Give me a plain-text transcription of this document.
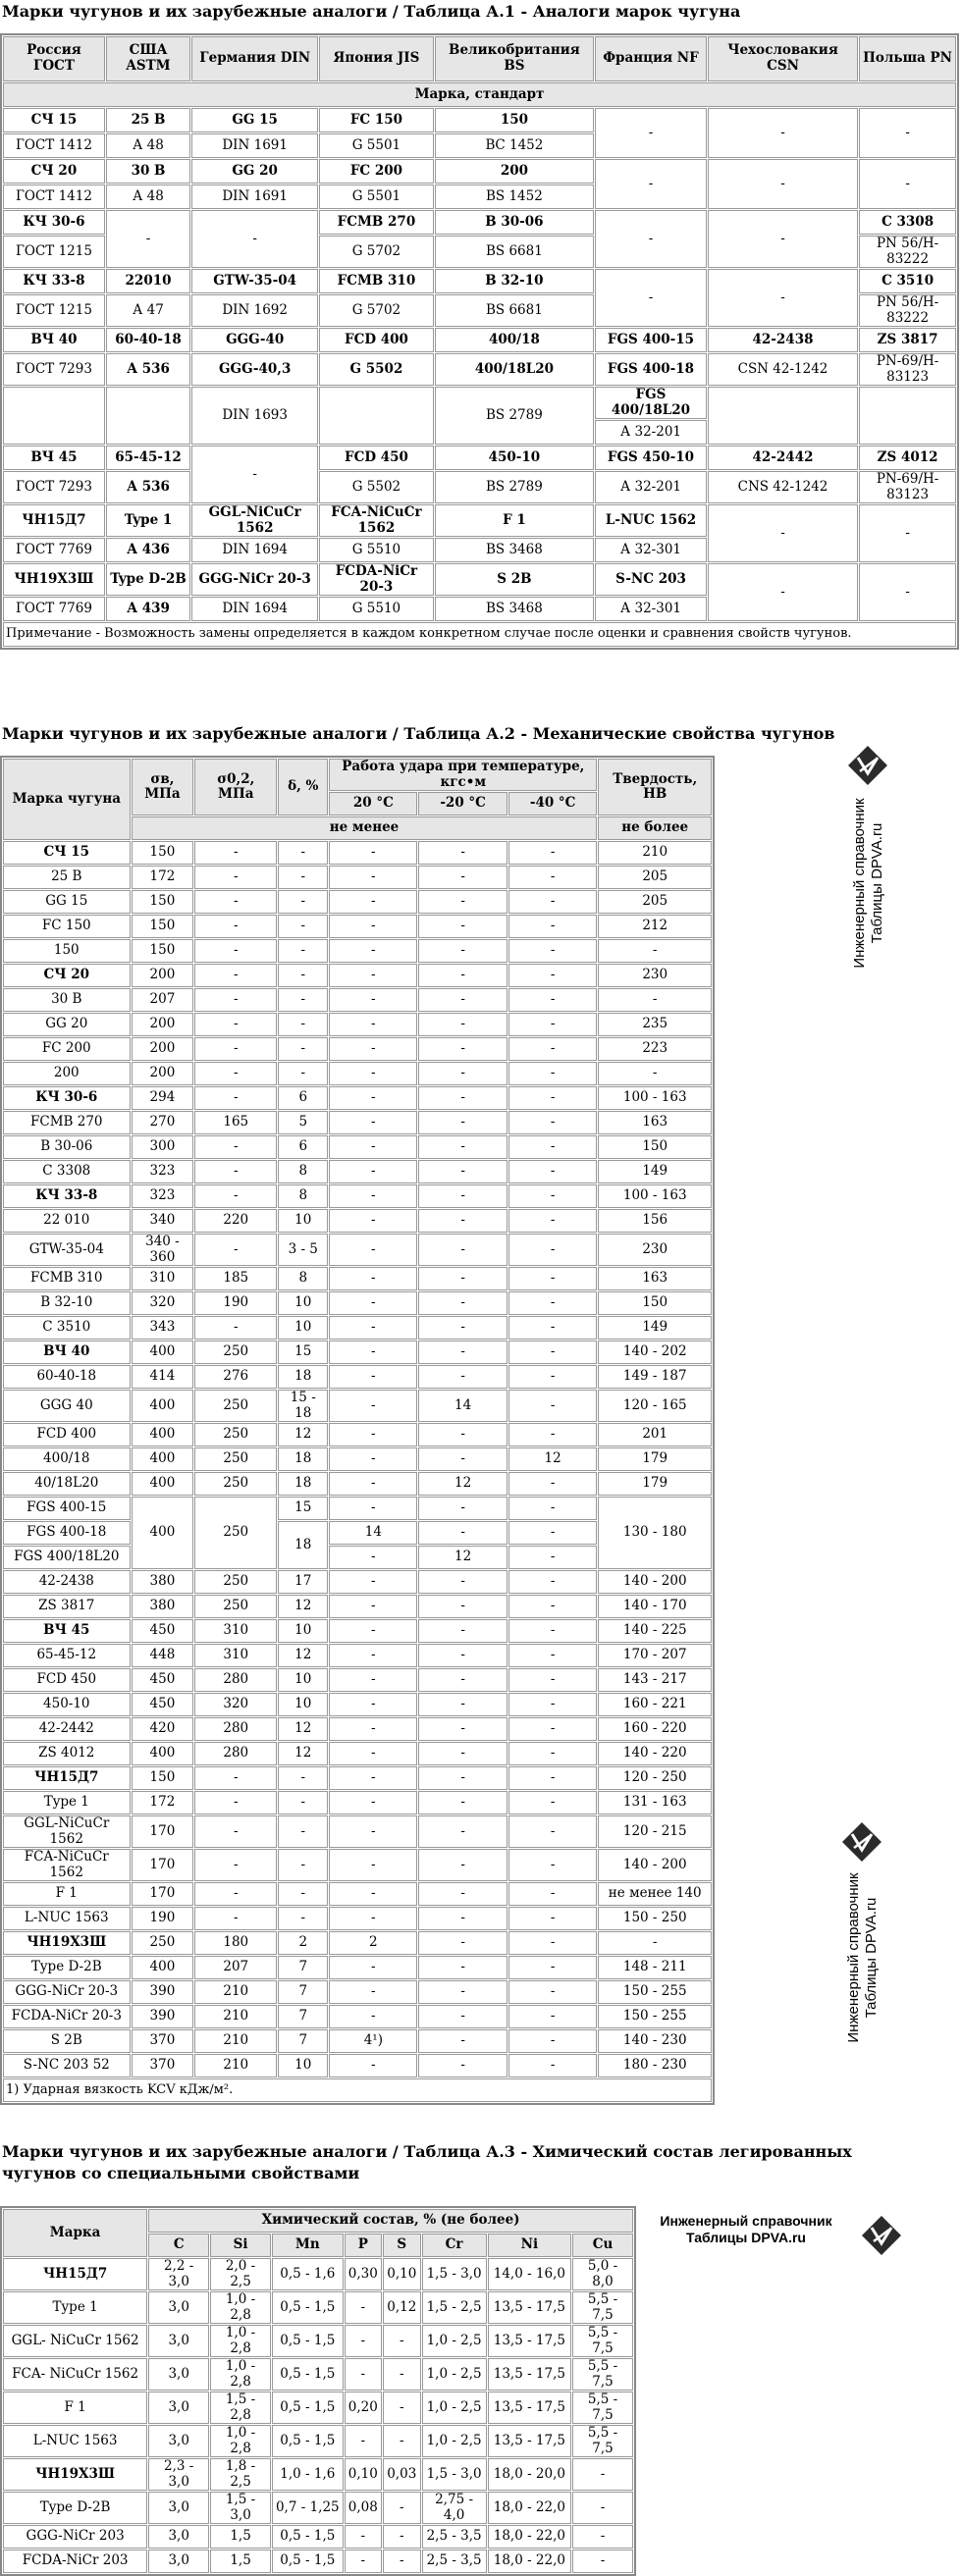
Марки чугунов и их зарубежные аналоги / Таблица А.1 - Аналоги марок чугуна
Россия ГОСТ	США ASTM	Германия DIN	Япония JIS	Великобритания BS	Франция NF	Чехословакия CSN	Польша PN
Марка, стандарт							
СЧ 15	25 В	GG 15	FC 150	150	-	-	-
ГОСТ 1412	А 48	DIN 1691	G 5501	ВС 1452			
СЧ 20	30 В	GG 20	FC 200	200	-	-	-
ГОСТ 1412	А 48	DIN 1691	G 5501	BS 1452			
КЧ 30-6	-	-	FCMB 270	В 30-06	-	-	С 3308
ГОСТ 1215			G 5702	BS 6681			PN 56/H-83222
КЧ 33-8	22010	GTW-35-04	FCMB 310	В 32-10	-	-	С 3510
ГОСТ 1215	А 47	DIN 1692	G 5702	BS 6681			PN 56/H-83222
ВЧ 40	60-40-18	GGG-40	FCD 400	400/18	FGS 400-15	42-2438	ZS 3817
ГОСТ 7293	А 536	GGG-40,3	G 5502	400/18L20	FGS 400-18	CSN 42-1242	PN-69/H-83123
		DIN 1693		BS 2789	FGS 400/18L20		
					А 32-201		
ВЧ 45	65-45-12	-	FCD 450	450-10	FGS 450-10	42-2442	ZS 4012
ГОСТ 7293	А 536		G 5502	BS 2789	А 32-201	CNS 42-1242	PN-69/H-83123
ЧН15Д7	Type 1	GGL-NiCuCr 1562	FCA-NiCuCr 1562	F 1	L-NUC 1562	-	-
ГОСТ 7769	А 436	DIN 1694	G 5510	BS 3468	А 32-301		
ЧН19Х3Ш	Type D-2B	GGG-NiCr 20-3	FCDA-NiCr 20-3	S 2B	S-NC 203	-	-
ГОСТ 7769	А 439	DIN 1694	G 5510	BS 3468	А 32-301		
Примечание - Возможность замены определяется в каждом конкретном случае после оценки и сравнения свойств чугунов.							
Марки чугунов и их зарубежные аналоги / Таблица А.2 - Механические свойства чугунов
Марка чугуна	σв, МПа	σ0,2, МПа	δ, %	Работа удара при температуре, кгс•м			Твердость, НВ
				20 °C	-20 °C	-40 °C	
	не менее						не более
СЧ 15	150	-	-	-	-	-	210
25 В	172	-	-	-	-	-	205
GG 15	150	-	-	-	-	-	205
FC 150	150	-	-	-	-	-	212
150	150	-	-	-	-	-	-
СЧ 20	200	-	-	-	-	-	230
30 В	207	-	-	-	-	-	-
GG 20	200	-	-	-	-	-	235
FC 200	200	-	-	-	-	-	223
200	200	-	-	-	-	-	-
КЧ 30-6	294	-	6	-	-	-	100 - 163
FCMB 270	270	165	5	-	-	-	163
В 30-06	300	-	6	-	-	-	150
С 3308	323	-	8	-	-	-	149
КЧ 33-8	323	-	8	-	-	-	100 - 163
22 010	340	220	10	-	-	-	156
GTW-35-04	340 - 360	-	3 - 5	-	-	-	230
FCMB 310	310	185	8	-	-	-	163
В 32-10	320	190	10	-	-	-	150
С 3510	343	-	10	-	-	-	149
ВЧ 40	400	250	15	-	-	-	140 - 202
60-40-18	414	276	18	-	-	-	149 - 187
GGG 40	400	250	15 - 18	-	14	-	120 - 165
FCD 400	400	250	12	-	-	-	201
400/18	400	250	18	-	-	12	179
40/18L20	400	250	18	-	12	-	179
FGS 400-15	400	250	15	-	-	-	130 - 180
FGS 400-18			18	14	-	-	
FGS 400/18L20				-	12	-	
42-2438	380	250	17	-	-	-	140 - 200
ZS 3817	380	250	12	-	-	-	140 - 170
ВЧ 45	450	310	10	-	-	-	140 - 225
65-45-12	448	310	12	-	-	-	170 - 207
FCD 450	450	280	10	-	-	-	143 - 217
450-10	450	320	10	-	-	-	160 - 221
42-2442	420	280	12	-	-	-	160 - 220
ZS 4012	400	280	12	-	-	-	140 - 220
ЧН15Д7	150	-	-	-	-	-	120 - 250
Type 1	172	-	-	-	-	-	131 - 163
GGL-NiCuCr 1562	170	-	-	-	-	-	120 - 215
FCA-NiCuCr 1562	170	-	-	-	-	-	140 - 200
F 1	170	-	-	-	-	-	не менее 140
L-NUC 1563	190	-	-	-	-	-	150 - 250
ЧН19Х3Ш	250	180	2	2	-	-	-
Type D-2B	400	207	7	-	-	-	148 - 211
GGG-NiCr 20-3	390	210	7	-	-	-	150 - 255
FCDA-NiCr 20-3	390	210	7	-	-	-	150 - 255
S 2B	370	210	7	4¹)	-	-	140 - 230
S-NC 203 52	370	210	10	-	-	-	180 - 230
1) Ударная вязкость KCV кДж/м².							
Марки чугунов и их зарубежные аналоги / Таблица А.3 - Химический состав легированных чугунов со специальными свойствами
Марка	Химический состав, % (не более)							
	C	Si	Mn	P	S	Cr	Ni	Cu
ЧН15Д7	2,2 - 3,0	2,0 - 2,5	0,5 - 1,6	0,30	0,10	1,5 - 3,0	14,0 - 16,0	5,0 - 8,0
Type 1	3,0	1,0 - 2,8	0,5 - 1,5	-	0,12	1,5 - 2,5	13,5 - 17,5	5,5 - 7,5
GGL- NiCuCr 1562	3,0	1,0 - 2,8	0,5 - 1,5	-	-	1,0 - 2,5	13,5 - 17,5	5,5 - 7,5
FCA- NiCuCr 1562	3,0	1,0 - 2,8	0,5 - 1,5	-	-	1,0 - 2,5	13,5 - 17,5	5,5 - 7,5
F 1	3,0	1,5 - 2,8	0,5 - 1,5	0,20	-	1,0 - 2,5	13,5 - 17,5	5,5 - 7,5
L-NUC 1563	3,0	1,0 - 2,8	0,5 - 1,5	-	-	1,0 - 2,5	13,5 - 17,5	5,5 - 7,5
ЧН19Х3Ш	2,3 - 3,0	1,8 - 2,5	1,0 - 1,6	0,10	0,03	1,5 - 3,0	18,0 - 20,0	-
Type D-2B	3,0	1,5 - 3,0	0,7 - 1,25	0,08	-	2,75 - 4,0	18,0 - 22,0	-
GGG-NiCr 203	3,0	1,5	0,5 - 1,5	-	-	2,5 - 3,5	18,0 - 22,0	-
FCDA-NiCr 203	3,0	1,5	0,5 - 1,5	-	-	2,5 - 3,5	18,0 - 22,0	-
Инженерный справочник Таблицы DPVA.ru
Инженерный справочник Таблицы DPVA.ru
Инженерный справочник
Таблицы DPVA.ru
